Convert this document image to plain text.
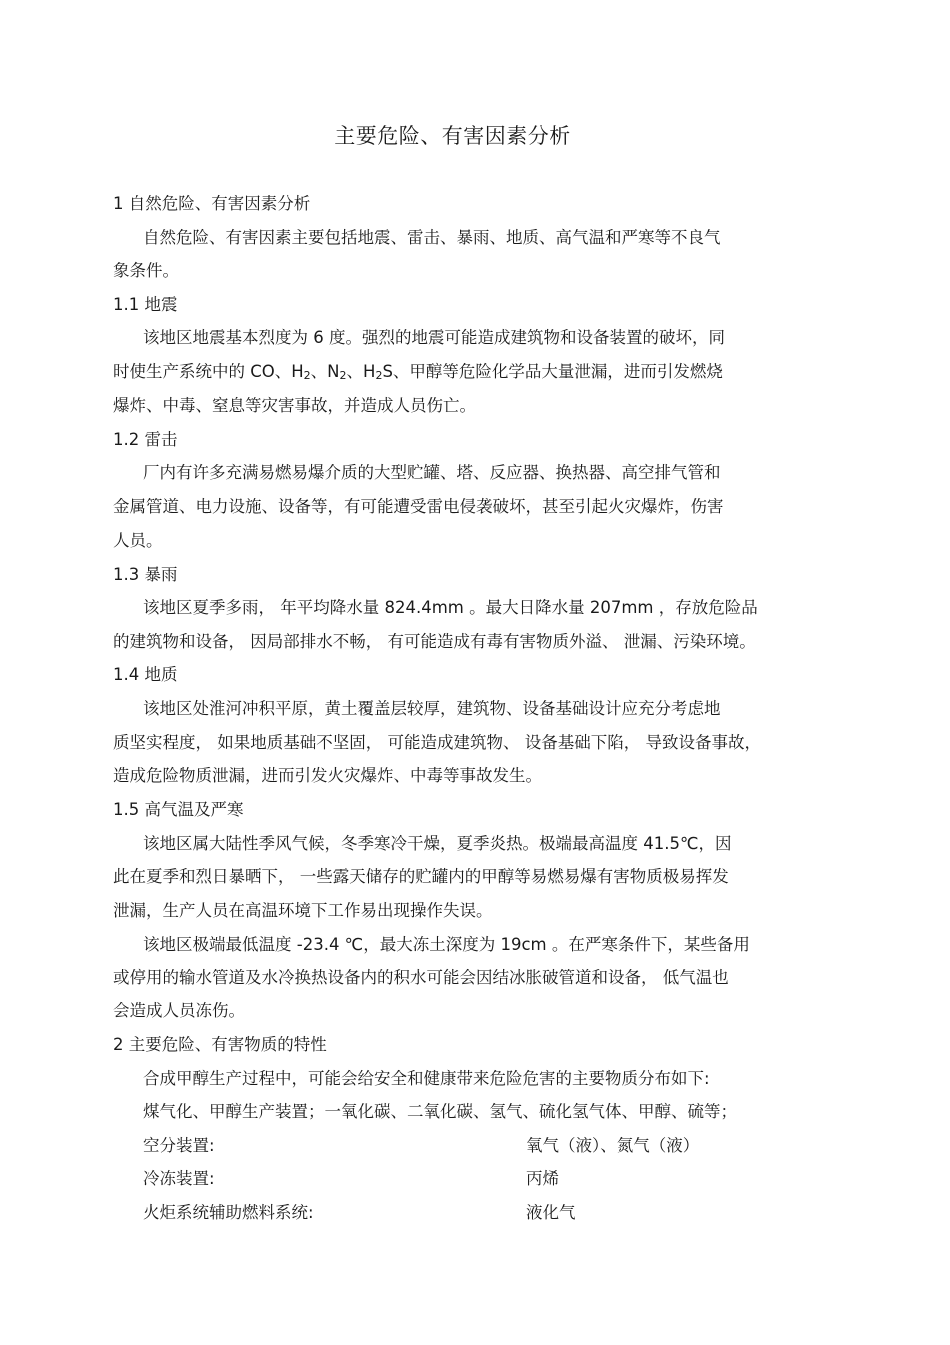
主要危险、有害因素分析
1 自然危险、有害因素分析
自然危险、有害因素主要包括地震、雷击、暴雨、地质、高气温和严寒等不良气
象条件。
1.1 地震
该地区地震基本烈度为 6 度。强烈的地震可能造成建筑物和设备装置的破坏，同
时使生产系统中的 CO、$H_2$、$N_2$、$H_2S$、甲醇等危险化学品大量泄漏，进而引发燃烧
爆炸、中毒、窒息等灾害事故，并造成人员伤亡。
1.2 雷击
厂内有许多充满易燃易爆介质的大型贮罐、塔、反应器、换热器、高空排气管和
金属管道、电力设施、设备等，有可能遭受雷电侵袭破坏，甚至引起火灾爆炸，伤害
人员。
1.3 暴雨
该地区夏季多雨， 年平均降水量 824.4mm 。最大日降水量 207mm ，存放危险品
的建筑物和设备， 因局部排水不畅， 有可能造成有毒有害物质外溢、 泄漏、污染环境。
1.4 地质
该地区处淮河冲积平原，黄土覆盖层较厚，建筑物、设备基础设计应充分考虑地
质坚实程度， 如果地质基础不坚固， 可能造成建筑物、 设备基础下陷， 导致设备事故，
造成危险物质泄漏，进而引发火灾爆炸、中毒等事故发生。
1.5 高气温及严寒
该地区属大陆性季风气候，冬季寒冷干燥，夏季炎热。极端最高温度 41.5℃，因
此在夏季和烈日暴晒下， 一些露天储存的贮罐内的甲醇等易燃易爆有害物质极易挥发
泄漏，生产人员在高温环境下工作易出现操作失误。
该地区极端最低温度 -23.4 ℃，最大冻土深度为 19cm 。在严寒条件下，某些备用
或停用的输水管道及水冷换热设备内的积水可能会因结冰胀破管道和设备， 低气温也
会造成人员冻伤。
2 主要危险、有害物质的特性
合成甲醇生产过程中，可能会给安全和健康带来危险危害的主要物质分布如下:
煤气化、甲醇生产装置；一氧化碳、二氧化碳、氢气、硫化氢气体、甲醇、硫等；
空分装置:	氧气（液）、氮气（液）
冷冻装置:	丙烯
火炬系统辅助燃料系统:	液化气
